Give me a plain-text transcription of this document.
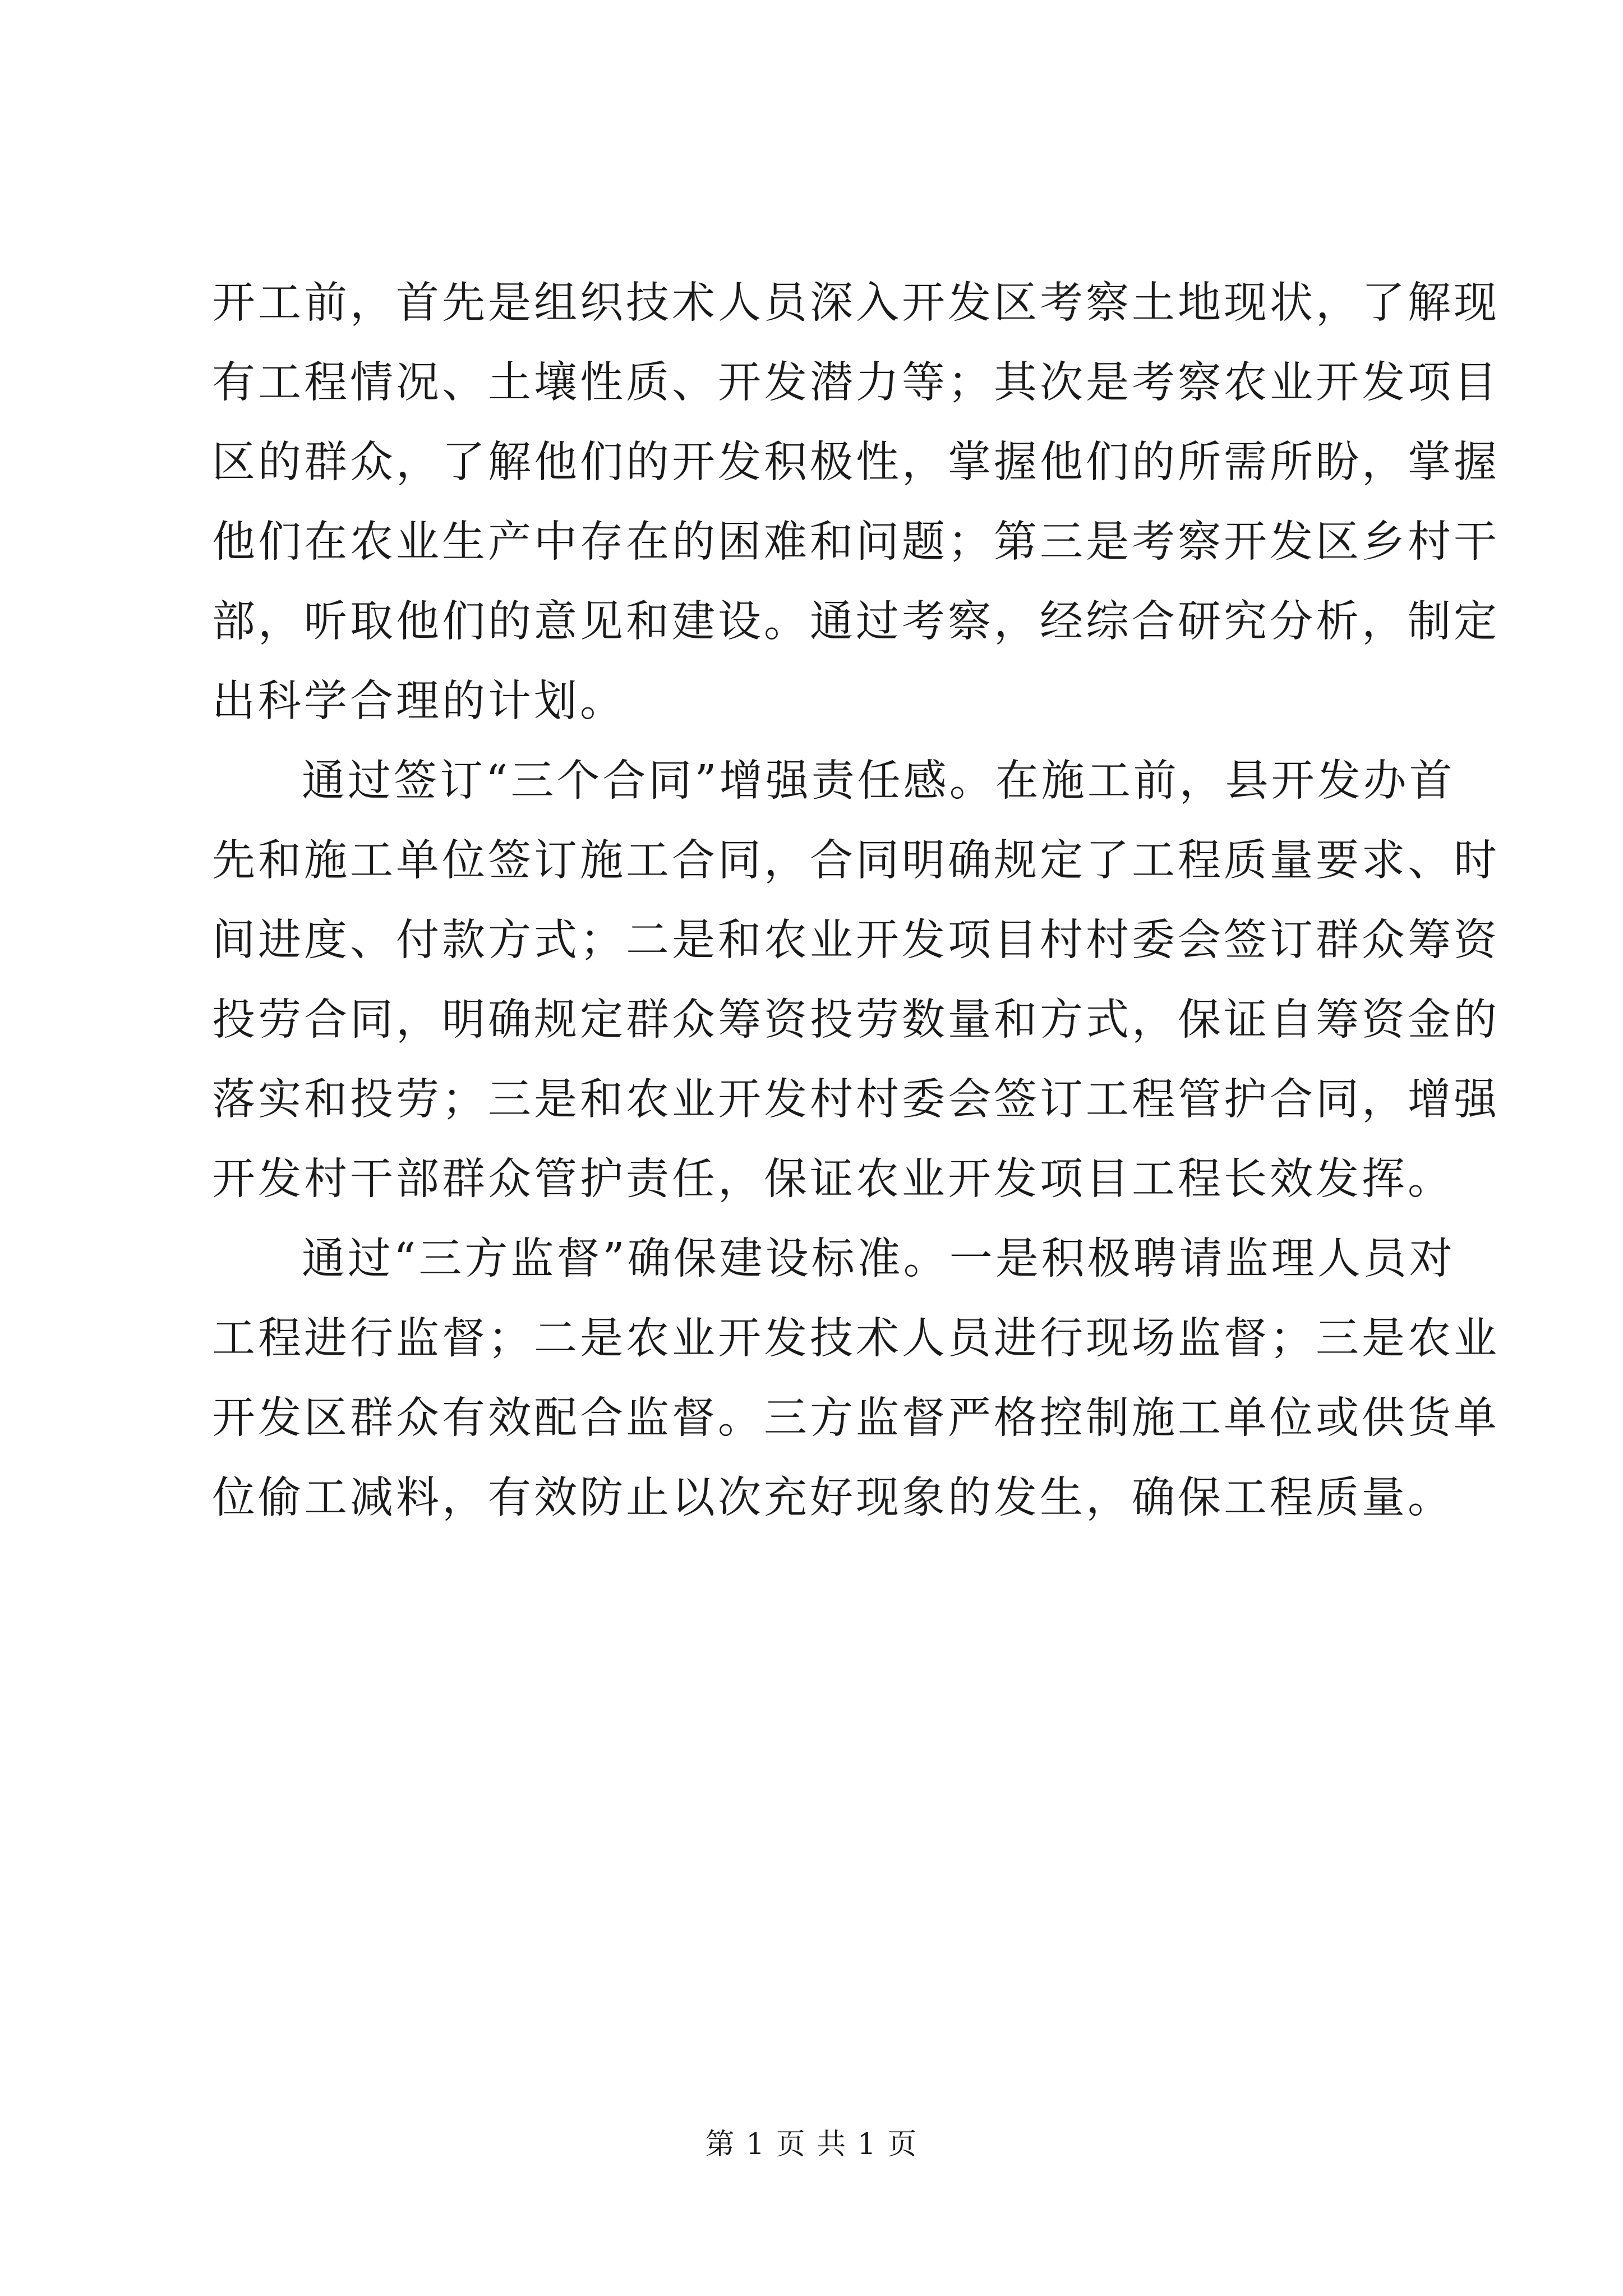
开工前，首先是组织技术人员深入开发区考察土地现状，了解现
有工程情况、土壤性质、开发潜力等；其次是考察农业开发项目
区的群众，了解他们的开发积极性，掌握他们的所需所盼，掌握
他们在农业生产中存在的困难和问题；第三是考察开发区乡村干
部，听取他们的意见和建设。通过考察，经综合研究分析，制定
出科学合理的计划。

通过签订“三个合同”增强责任感。在施工前，县开发办首
先和施工单位签订施工合同，合同明确规定了工程质量要求、时
间进度、付款方式；二是和农业开发项目村村委会签订群众筹资
投劳合同，明确规定群众筹资投劳数量和方式，保证自筹资金的
落实和投劳；三是和农业开发村村委会签订工程管护合同，增强
开发村干部群众管护责任，保证农业开发项目工程长效发挥。

通过“三方监督”确保建设标准。一是积极聘请监理人员对
工程进行监督；二是农业开发技术人员进行现场监督；三是农业
开发区群众有效配合监督。三方监督严格控制施工单位或供货单
位偷工减料，有效防止以次充好现象的发生，确保工程质量。

第 1 页 共 1 页
